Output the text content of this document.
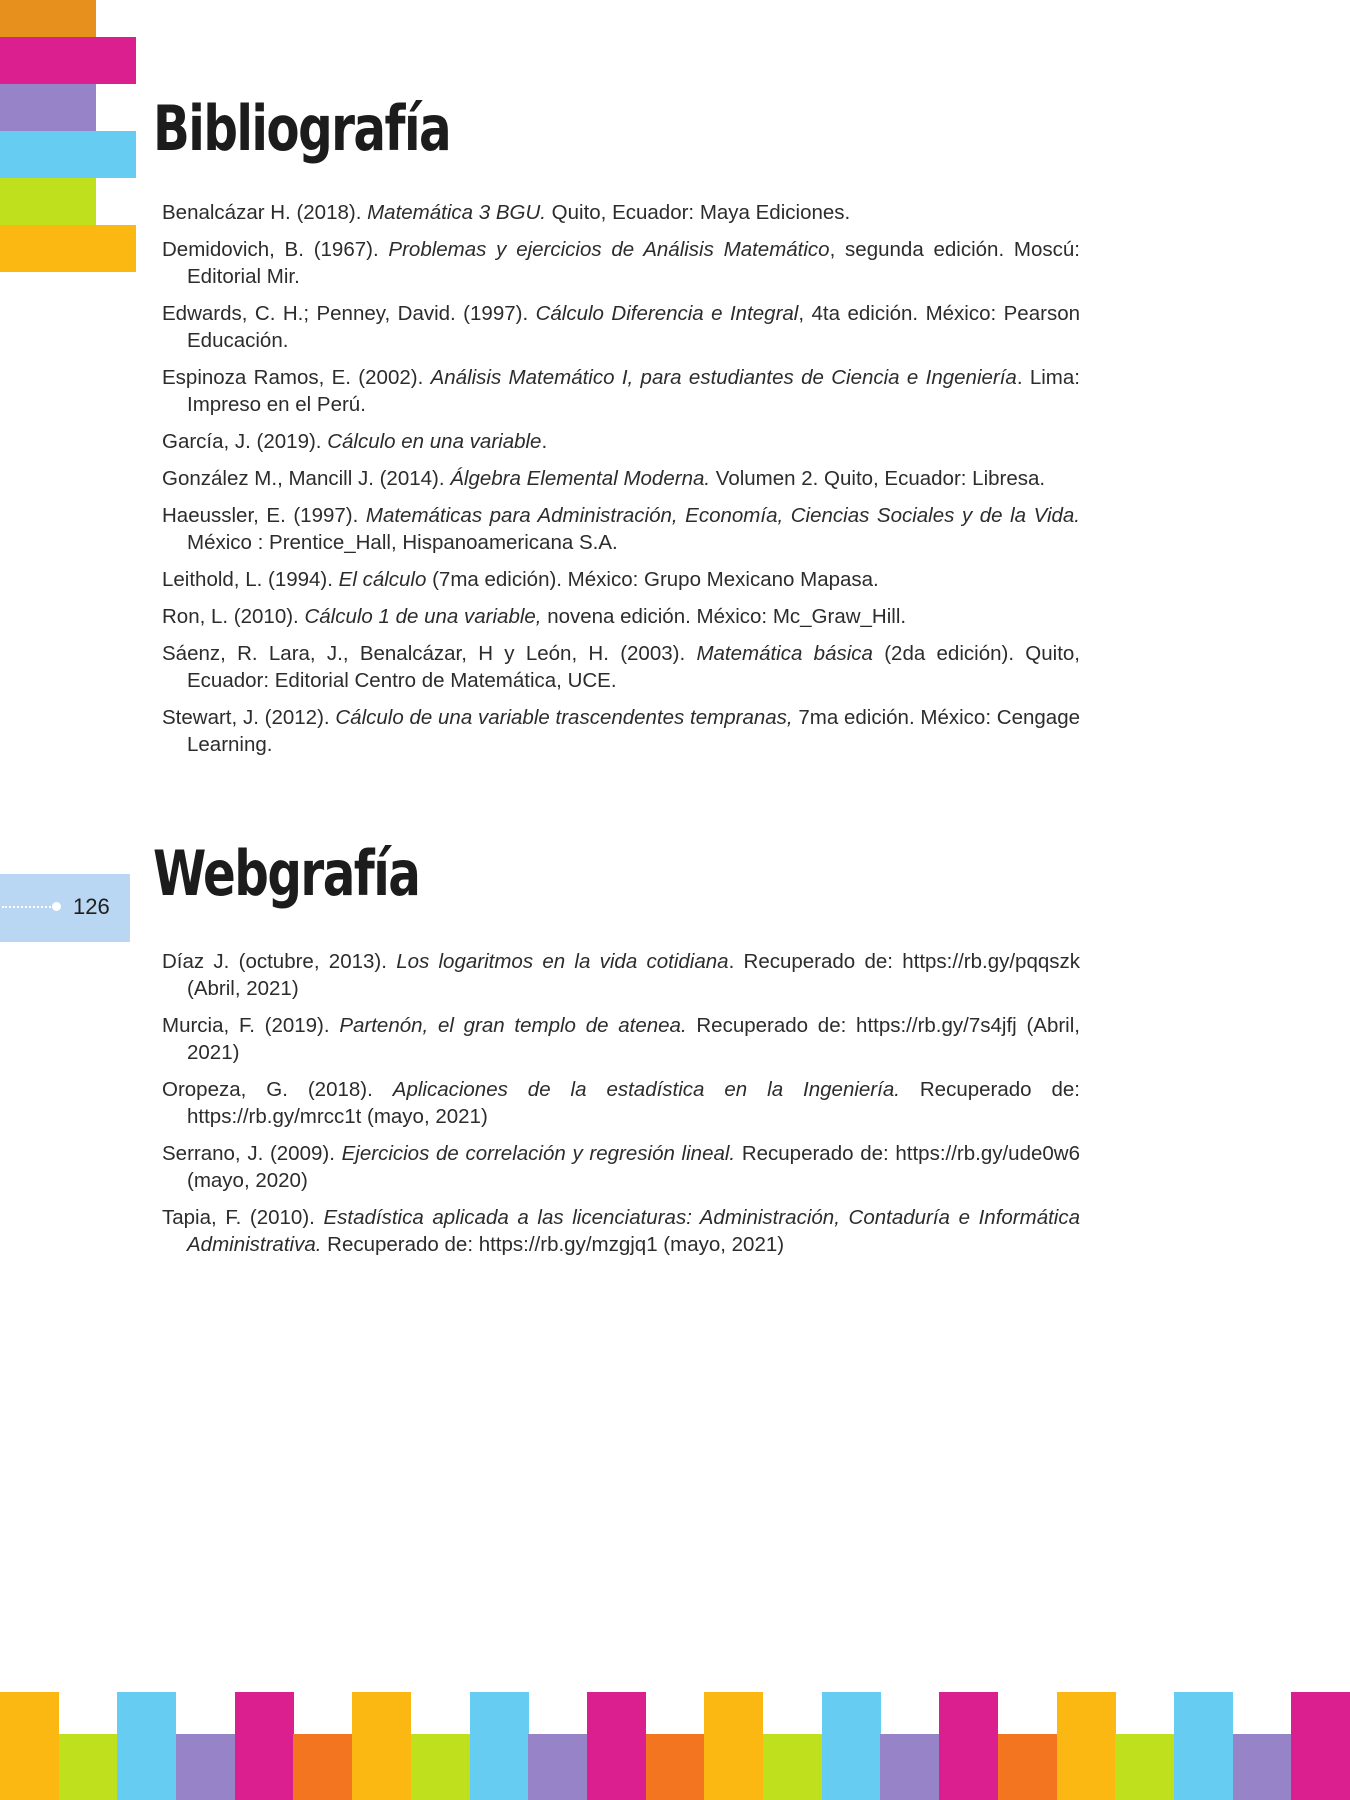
Bibliografía
Benalcázar H. (2018). Matemática 3 BGU. Quito, Ecuador: Maya Ediciones.
Demidovich, B. (1967). Problemas y ejercicios de Análisis Matemático, segunda edición. Moscú: Editorial Mir.
Edwards, C. H.; Penney, David. (1997). Cálculo Diferencia e Integral, 4ta edición. México: Pearson Educación.
Espinoza Ramos, E. (2002). Análisis Matemático I, para estudiantes de Ciencia e Ingeniería. Lima: Impreso en el Perú.
García, J. (2019). Cálculo en una variable.
González M., Mancill J. (2014). Álgebra Elemental Moderna. Volumen 2. Quito, Ecuador: Libresa.
Haeussler, E. (1997). Matemáticas para Administración, Economía, Ciencias Sociales y de la Vida. México : Prentice_Hall, Hispanoamericana S.A.
Leithold, L. (1994). El cálculo (7ma edición). México: Grupo Mexicano Mapasa.
Ron, L. (2010). Cálculo 1 de una variable, novena edición. México: Mc_Graw_Hill.
Sáenz, R. Lara, J., Benalcázar, H y León, H. (2003). Matemática básica (2da edición). Quito, Ecuador: Editorial Centro de Matemática, UCE.
Stewart, J. (2012). Cálculo de una variable trascendentes tempranas, 7ma edición. México: Cengage Learning.
126 Webgrafía
Díaz J. (octubre, 2013). Los logaritmos en la vida cotidiana. Recuperado de: https://rb.gy/pqqszk (Abril, 2021)
Murcia, F. (2019). Partenón, el gran templo de atenea. Recuperado de: https://rb.gy/7s4jfj (Abril, 2021)
Oropeza, G. (2018). Aplicaciones de la estadística en la Ingeniería. Recuperado de: https://rb.gy/mrcc1t (mayo, 2021)
Serrano, J. (2009). Ejercicios de correlación y regresión lineal. Recuperado de: https://rb.gy/ude0w6 (mayo, 2020)
Tapia, F. (2010). Estadística aplicada a las licenciaturas: Administración, Contaduría e Informática Administrativa. Recuperado de: https://rb.gy/mzgjq1 (mayo, 2021)
